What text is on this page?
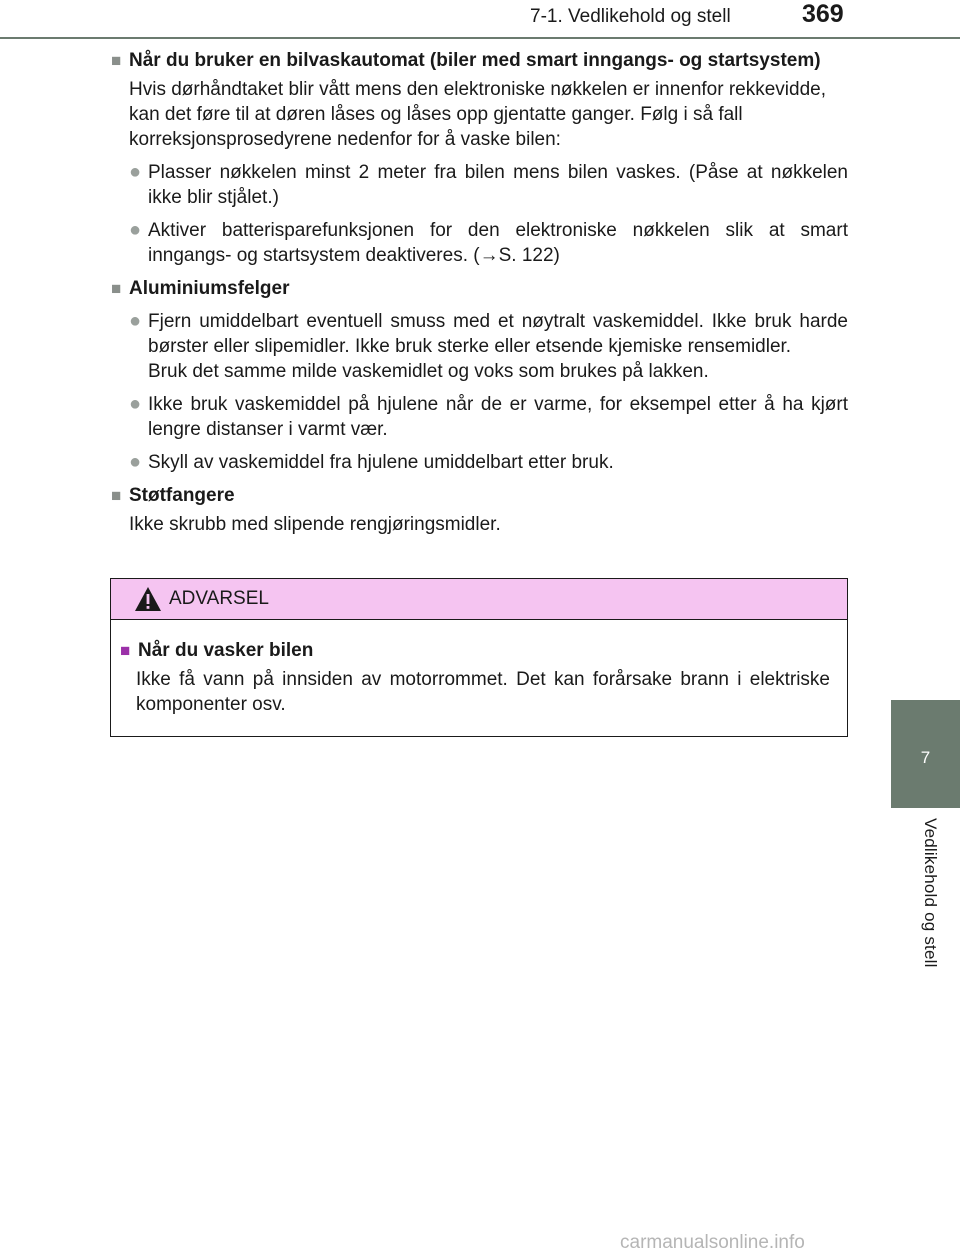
7-1. Vedlikehold og stell	369
7
Vedlikehold og stell
■ Når du bruker en bilvaskautomat (biler med smart inngangs- og startsystem)
Hvis dørhåndtaket blir vått mens den elektroniske nøkkelen er innenfor rekkevidde, kan det føre til at døren låses og låses opp gjentatte ganger. Følg i så fall korreksjonsprosedyrene nedenfor for å vaske bilen:
● Plasser nøkkelen minst 2 meter fra bilen mens bilen vaskes. (Påse at nøkkelen ikke blir stjålet.)
● Aktiver batterisparefunksjonen for den elektroniske nøkkelen slik at smart inngangs- og startsystem deaktiveres. (→S. 122)
■ Aluminiumsfelger
● Fjern umiddelbart eventuell smuss med et nøytralt vaskemiddel. Ikke bruk harde børster eller slipemidler. Ikke bruk sterke eller etsende kjemiske rensemidler.
Bruk det samme milde vaskemidlet og voks som brukes på lakken.
● Ikke bruk vaskemiddel på hjulene når de er varme, for eksempel etter å ha kjørt lengre distanser i varmt vær.
● Skyll av vaskemiddel fra hjulene umiddelbart etter bruk.
■ Støtfangere
Ikke skrubb med slipende rengjøringsmidler.
ADVARSEL
■ Når du vasker bilen
Ikke få vann på innsiden av motorrommet. Det kan forårsake brann i elektriske komponenter osv.
carmanualsonline.info
